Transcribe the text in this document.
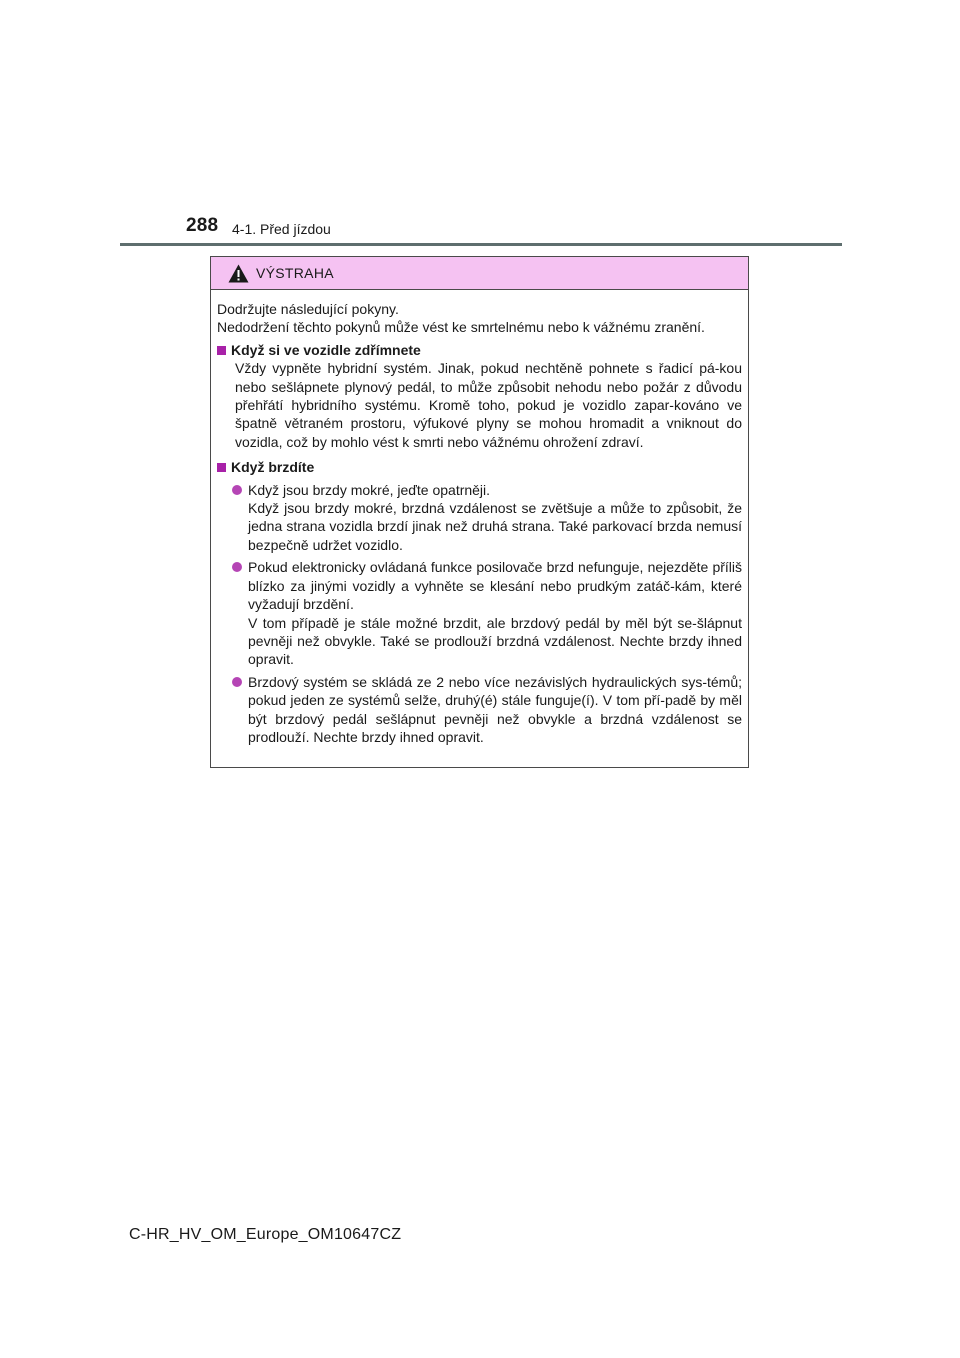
288 4-1. Před jízdou
VÝSTRAHA

Dodržujte následující pokyny.

Nedodržení těchto pokynů může vést ke smrtelnému nebo k vážnému zranění.

Když si ve vozidle zdřímnete

Vždy vypněte hybridní systém. Jinak, pokud nechtěně pohnete s řadicí pá-kou nebo sešlápnete plynový pedál, to může způsobit nehodu nebo požár z důvodu přehřátí hybridního systému. Kromě toho, pokud je vozidlo zapar-kováno ve špatně větraném prostoru, výfukové plyny se mohou hromadit a vniknout do vozidla, což by mohlo vést k smrti nebo vážnému ohrožení zdraví.

Když brzdíte

Když jsou brzdy mokré, jeďte opatrněji.

Když jsou brzdy mokré, brzdná vzdálenost se zvětšuje a může to způsobit, že jedna strana vozidla brzdí jinak než druhá strana. Také parkovací brzda nemusí bezpečně udržet vozidlo.

Pokud elektronicky ovládaná funkce posilovače brzd nefunguje, nejezděte příliš blízko za jinými vozidly a vyhněte se klesání nebo prudkým zatáč-kám, které vyžadují brzdění.

V tom případě je stále možné brzdit, ale brzdový pedál by měl být se-šlápnut pevněji než obvykle. Také se prodlouží brzdná vzdálenost. Nechte brzdy ihned opravit.

Brzdový systém se skládá ze 2 nebo více nezávislých hydraulických sys-témů; pokud jeden ze systémů selže, druhý(é) stále funguje(í). V tom pří-padě by měl být brzdový pedál sešlápnut pevněji než obvykle a brzdná vzdálenost se prodlouží. Nechte brzdy ihned opravit.

C-HR_HV_OM_Europe_OM10647CZ
